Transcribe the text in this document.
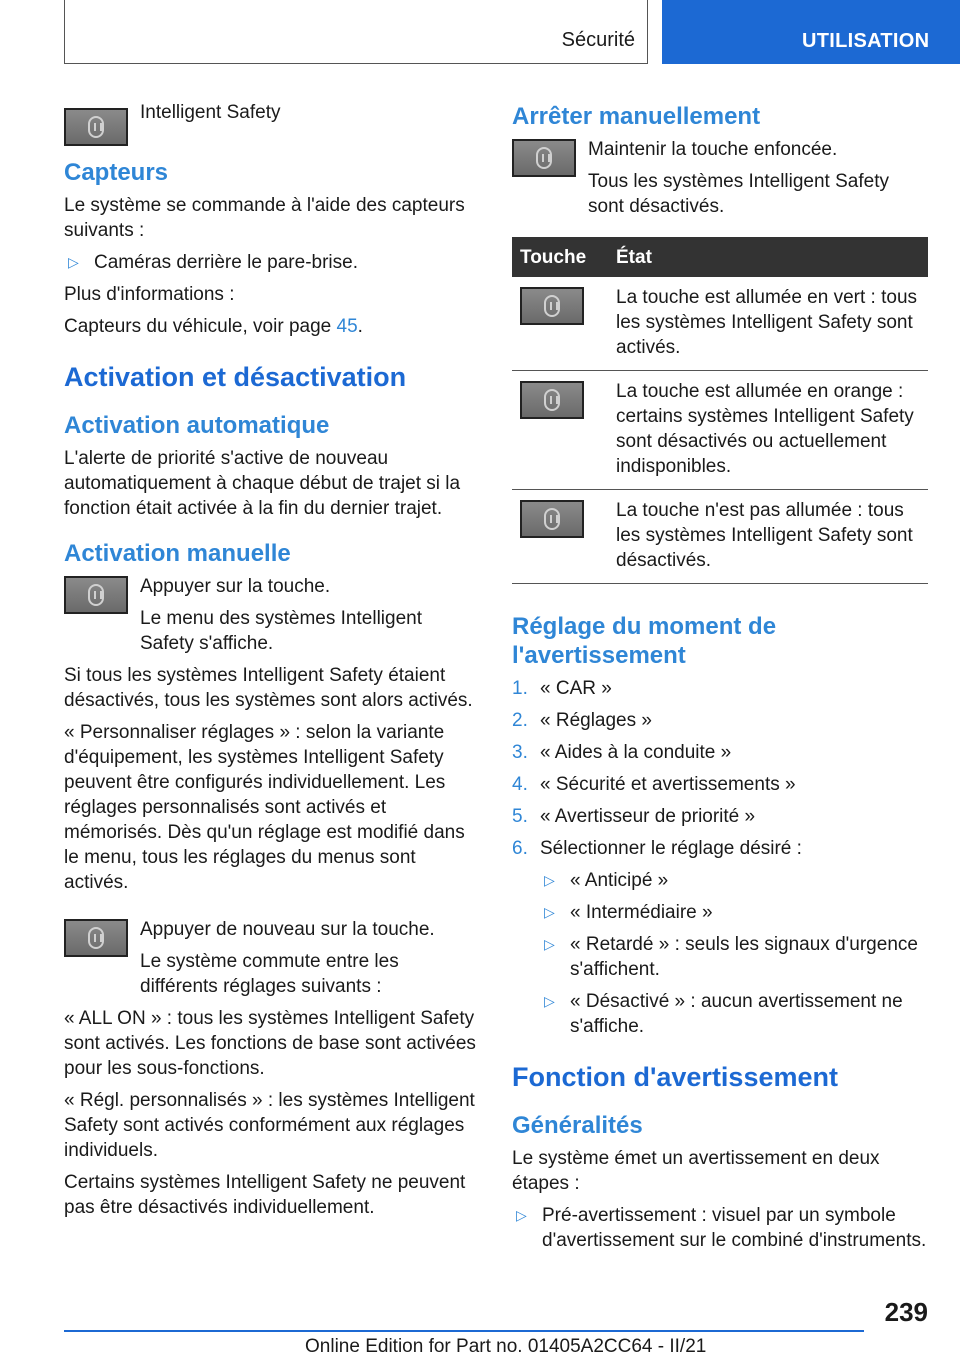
Sécurité	UTILISATION
Intelligent Safety
Capteurs

Le système se commande à l'aide des capteurs suivants :

▷ Caméras derrière le pare-brise.

Plus d'informations :

Capteurs du véhicule, voir page 45.

Activation et désactivation
Activation automatique

L'alerte de priorité s'active de nouveau automatiquement à chaque début de trajet si la fonction était activée à la fin du dernier trajet.

Activation manuelle

Appuyer sur la touche.

Le menu des systèmes Intelligent Safety s'affiche.

Si tous les systèmes Intelligent Safety étaient désactivés, tous les systèmes sont alors activés.

« Personnaliser réglages » : selon la variante d'équipement, les systèmes Intelligent Safety peuvent être configurés individuellement. Les réglages personnalisés sont activés et mémorisés. Dès qu'un réglage est modifié dans le menu, tous les réglages du menus sont activés.

Appuyer de nouveau sur la touche.

Le système commute entre les différents réglages suivants :

« ALL ON » : tous les systèmes Intelligent Safety sont activés. Les fonctions de base sont activées pour les sous-fonctions.

« Régl. personnalisés » : les systèmes Intelligent Safety sont activés conformément aux réglages individuels.

Certains systèmes Intelligent Safety ne peuvent pas être désactivés individuellement.

Arrêter manuellement

Maintenir la touche enfoncée.

Tous les systèmes Intelligent Safety sont désactivés.

Touche	État

	La touche est allumée en vert : tous les systèmes Intelligent Safety sont activés.

	La touche est allumée en orange : certains systèmes Intelligent Safety sont désactivés ou actuellement indisponibles.

	La touche n'est pas allumée : tous les systèmes Intelligent Safety sont désactivés.
Réglage du moment de l'avertissement
1. « CAR »
2. « Réglages »
3. « Aides à la conduite »
4. « Sécurité et avertissements »
5. « Avertisseur de priorité »
6. Sélectionner le réglage désiré :
▷ « Anticipé »
▷ « Intermédiaire »
▷ « Retardé » : seuls les signaux d'urgence s'affichent.
▷ « Désactivé » : aucun avertissement ne s'affiche.
Fonction d'avertissement
Généralités

Le système émet un avertissement en deux étapes :

▷ Pré-avertissement : visuel par un symbole d'avertissement sur le combiné d'instruments.
239
Online Edition for Part no. 01405A2CC64 - II/21
